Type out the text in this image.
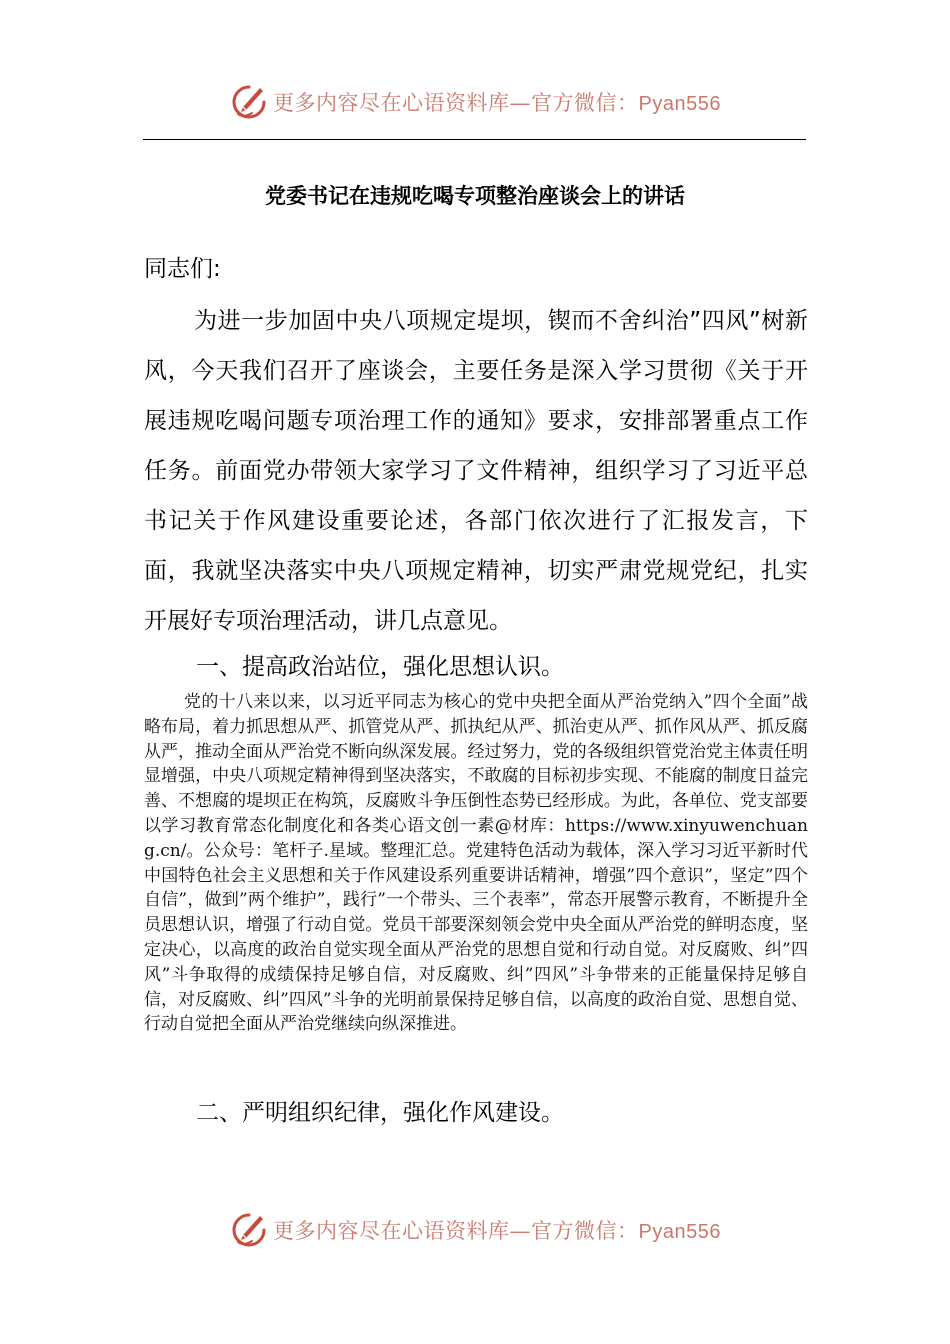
更多内容尽在心语资料库—官方微信：Pyan556
党委书记在违规吃喝专项整治座谈会上的讲话
同志们:

为进一步加固中央八项规定堤坝，锲而不舍纠治”四风”树新风，今天我们召开了座谈会，主要任务是深入学习贯彻《关于开展违规吃喝问题专项治理工作的通知》要求，安排部署重点工作任务。前面党办带领大家学习了文件精神，组织学习了习近平总书记关于作风建设重要论述，各部门依次进行了汇报发言，下面，我就坚决落实中央八项规定精神，切实严肃党规党纪，扎实开展好专项治理活动，讲几点意见。

一、提高政治站位，强化思想认识。

党的十八来以来，以习近平同志为核心的党中央把全面从严治党纳入”四个全面”战略布局，着力抓思想从严、抓管党从严、抓执纪从严、抓治吏从严、抓作风从严、抓反腐从严，推动全面从严治党不断向纵深发展。经过努力，党的各级组织管党治党主体责任明显增强，中央八项规定精神得到坚决落实，不敢腐的目标初步实现、不能腐的制度日益完善、不想腐的堤坝正在构筑，反腐败斗争压倒性态势已经形成。为此，各单位、党支部要以学习教育常态化制度化和各类心语文创一素@材库：https://www.xinyuwenchuang.cn/。公众号：笔杆子.星域。整理汇总。党建特色活动为载体，深入学习习近平新时代中国特色社会主义思想和关于作风建设系列重要讲话精神，增强”四个意识”，坚定”四个自信”，做到”两个维护”，践行”一个带头、三个表率”，常态开展警示教育，不断提升全员思想认识，增强了行动自觉。党员干部要深刻领会党中央全面从严治党的鲜明态度，坚定决心，以高度的政治自觉实现全面从严治党的思想自觉和行动自觉。对反腐败、纠”四风”斗争取得的成绩保持足够自信，对反腐败、纠”四风”斗争带来的正能量保持足够自信，对反腐败、纠”四风”斗争的光明前景保持足够自信，以高度的政治自觉、思想自觉、行动自觉把全面从严治党继续向纵深推进。

二、严明组织纪律，强化作风建设。
更多内容尽在心语资料库—官方微信：Pyan556
